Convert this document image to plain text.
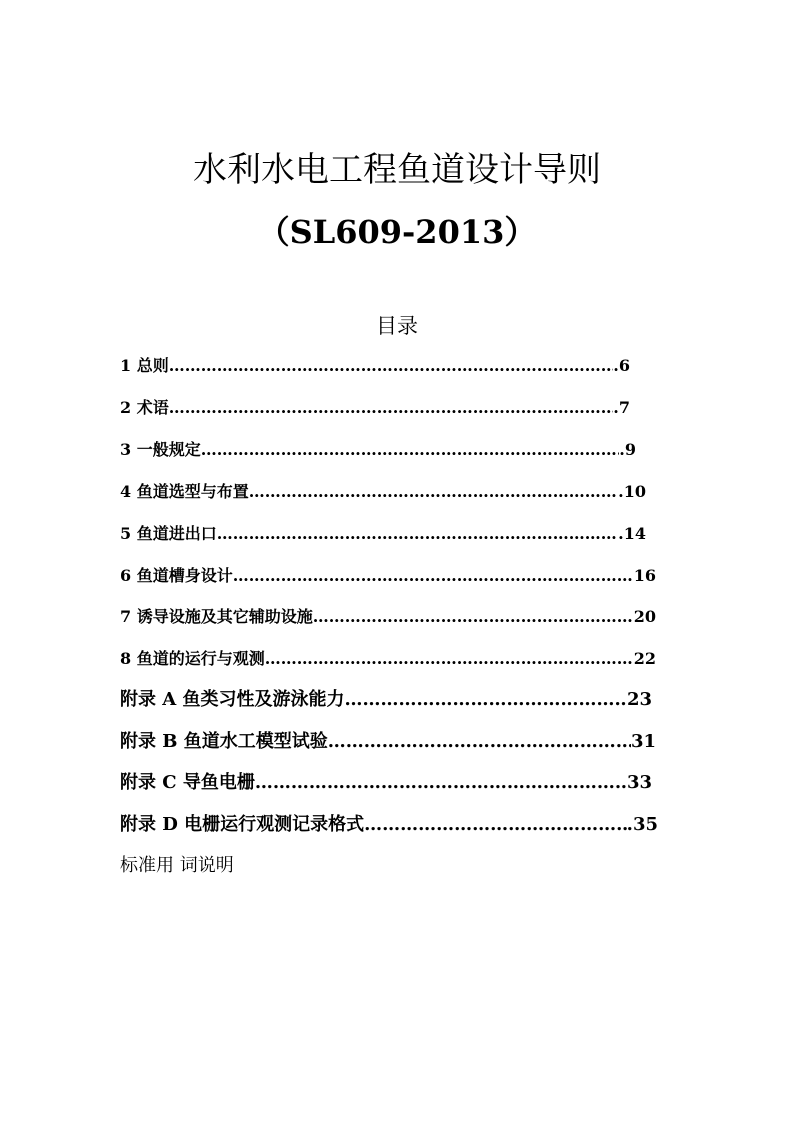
水利水电工程鱼道设计导则
（SL609-2013）
目录
1 总则 …………………………………………………………………………………………………………………………………………	.6
2 术语 …………………………………………………………………………………………………………………………………………	.7
3 一般规定 …………………………………………………………………………………………………………………………………………	.9
4 鱼道选型与布置 …………………………………………………………………………………………………………………………………………	.10
5 鱼道进出口 …………………………………………………………………………………………………………………………………………	.14
6 鱼道槽身设计 …………………………………………………………………………………………………………………………………………	16
7 诱导设施及其它辅助设施 …………………………………………………………………………………………………………………………………………	20
8 鱼道的运行与观测 …………………………………………………………………………………………………………………………………………	22
附录 A 鱼类习性及游泳能力 …………………………………………………………………………………………………………………………………………	23
附录 B 鱼道水工模型试验 …………………………………………………………………………………………………………………………………………	31
附录 C 导鱼电栅 …………………………………………………………………………………………………………………………………………	33
附录 D 电栅运行观测记录格式 …………………………………………………………………………………………………………………………………………	.35
标准用 词说明
